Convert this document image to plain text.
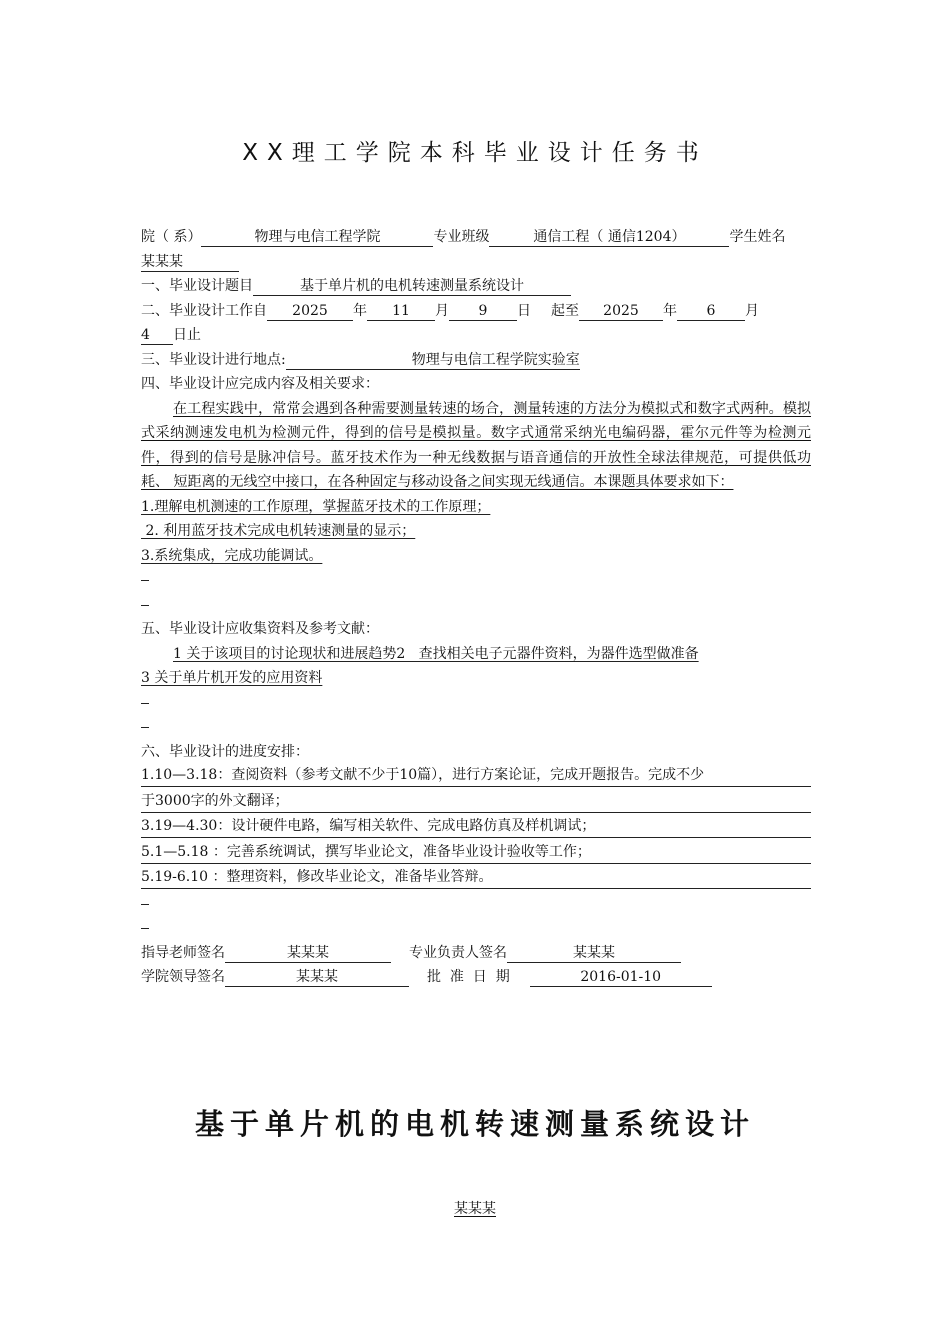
XX理工学院本科毕业设计任务书
院（ 系）	物理与电信工程学院	专业班级	通信工程（ 通信1204）	学生姓名
某某某
一、毕业设计题目	基于单片机的电机转速测量系统设计
二、毕业设计工作自 2025 年 11 月 9 日 起至 2025 年 6 月
4 日止
三、毕业设计进行地点:	物理与电信工程学院实验室
四、毕业设计应完成内容及相关要求：
在工程实践中，常常会遇到各种需要测量转速的场合，测量转速的方法分为模拟式和数字式两种。模拟式采纳测速发电机为检测元件，得到的信号是模拟量。数字式通常采纳光电编码器，霍尔元件等为检测元件，得到的信号是脉冲信号。蓝牙技术作为一种无线数据与语音通信的开放性全球法律规范，可提供低功耗、 短距离的无线空中接口，在各种固定与移动设备之间实现无线通信。本课题具体要求如下：
1.理解电机测速的工作原理，掌握蓝牙技术的工作原理；
2. 利用蓝牙技术完成电机转速测量的显示；
3.系统集成，完成功能调试。
五、毕业设计应收集资料及参考文献：
1 关于该项目的讨论现状和进展趋势2   查找相关电子元器件资料，为器件选型做准备
3 关于单片机开发的应用资料
六、毕业设计的进度安排：
1.10—3.18：查阅资料（参考文献不少于10篇），进行方案论证，完成开题报告。完成不少
于3000字的外文翻译；
3.19—4.30：设计硬件电路，编写相关软件、完成电路仿真及样机调试；
5.1—5.18 ：完善系统调试，撰写毕业论文，准备毕业设计验收等工作；
5.19-6.10 ：整理资料，修改毕业论文，准备毕业答辩。
指导老师签名	某某某	专业负责人签名	某某某
学院领导签名	某某某	批  准  日  期	2016-01-10
基于单片机的电机转速测量系统设计
某某某
